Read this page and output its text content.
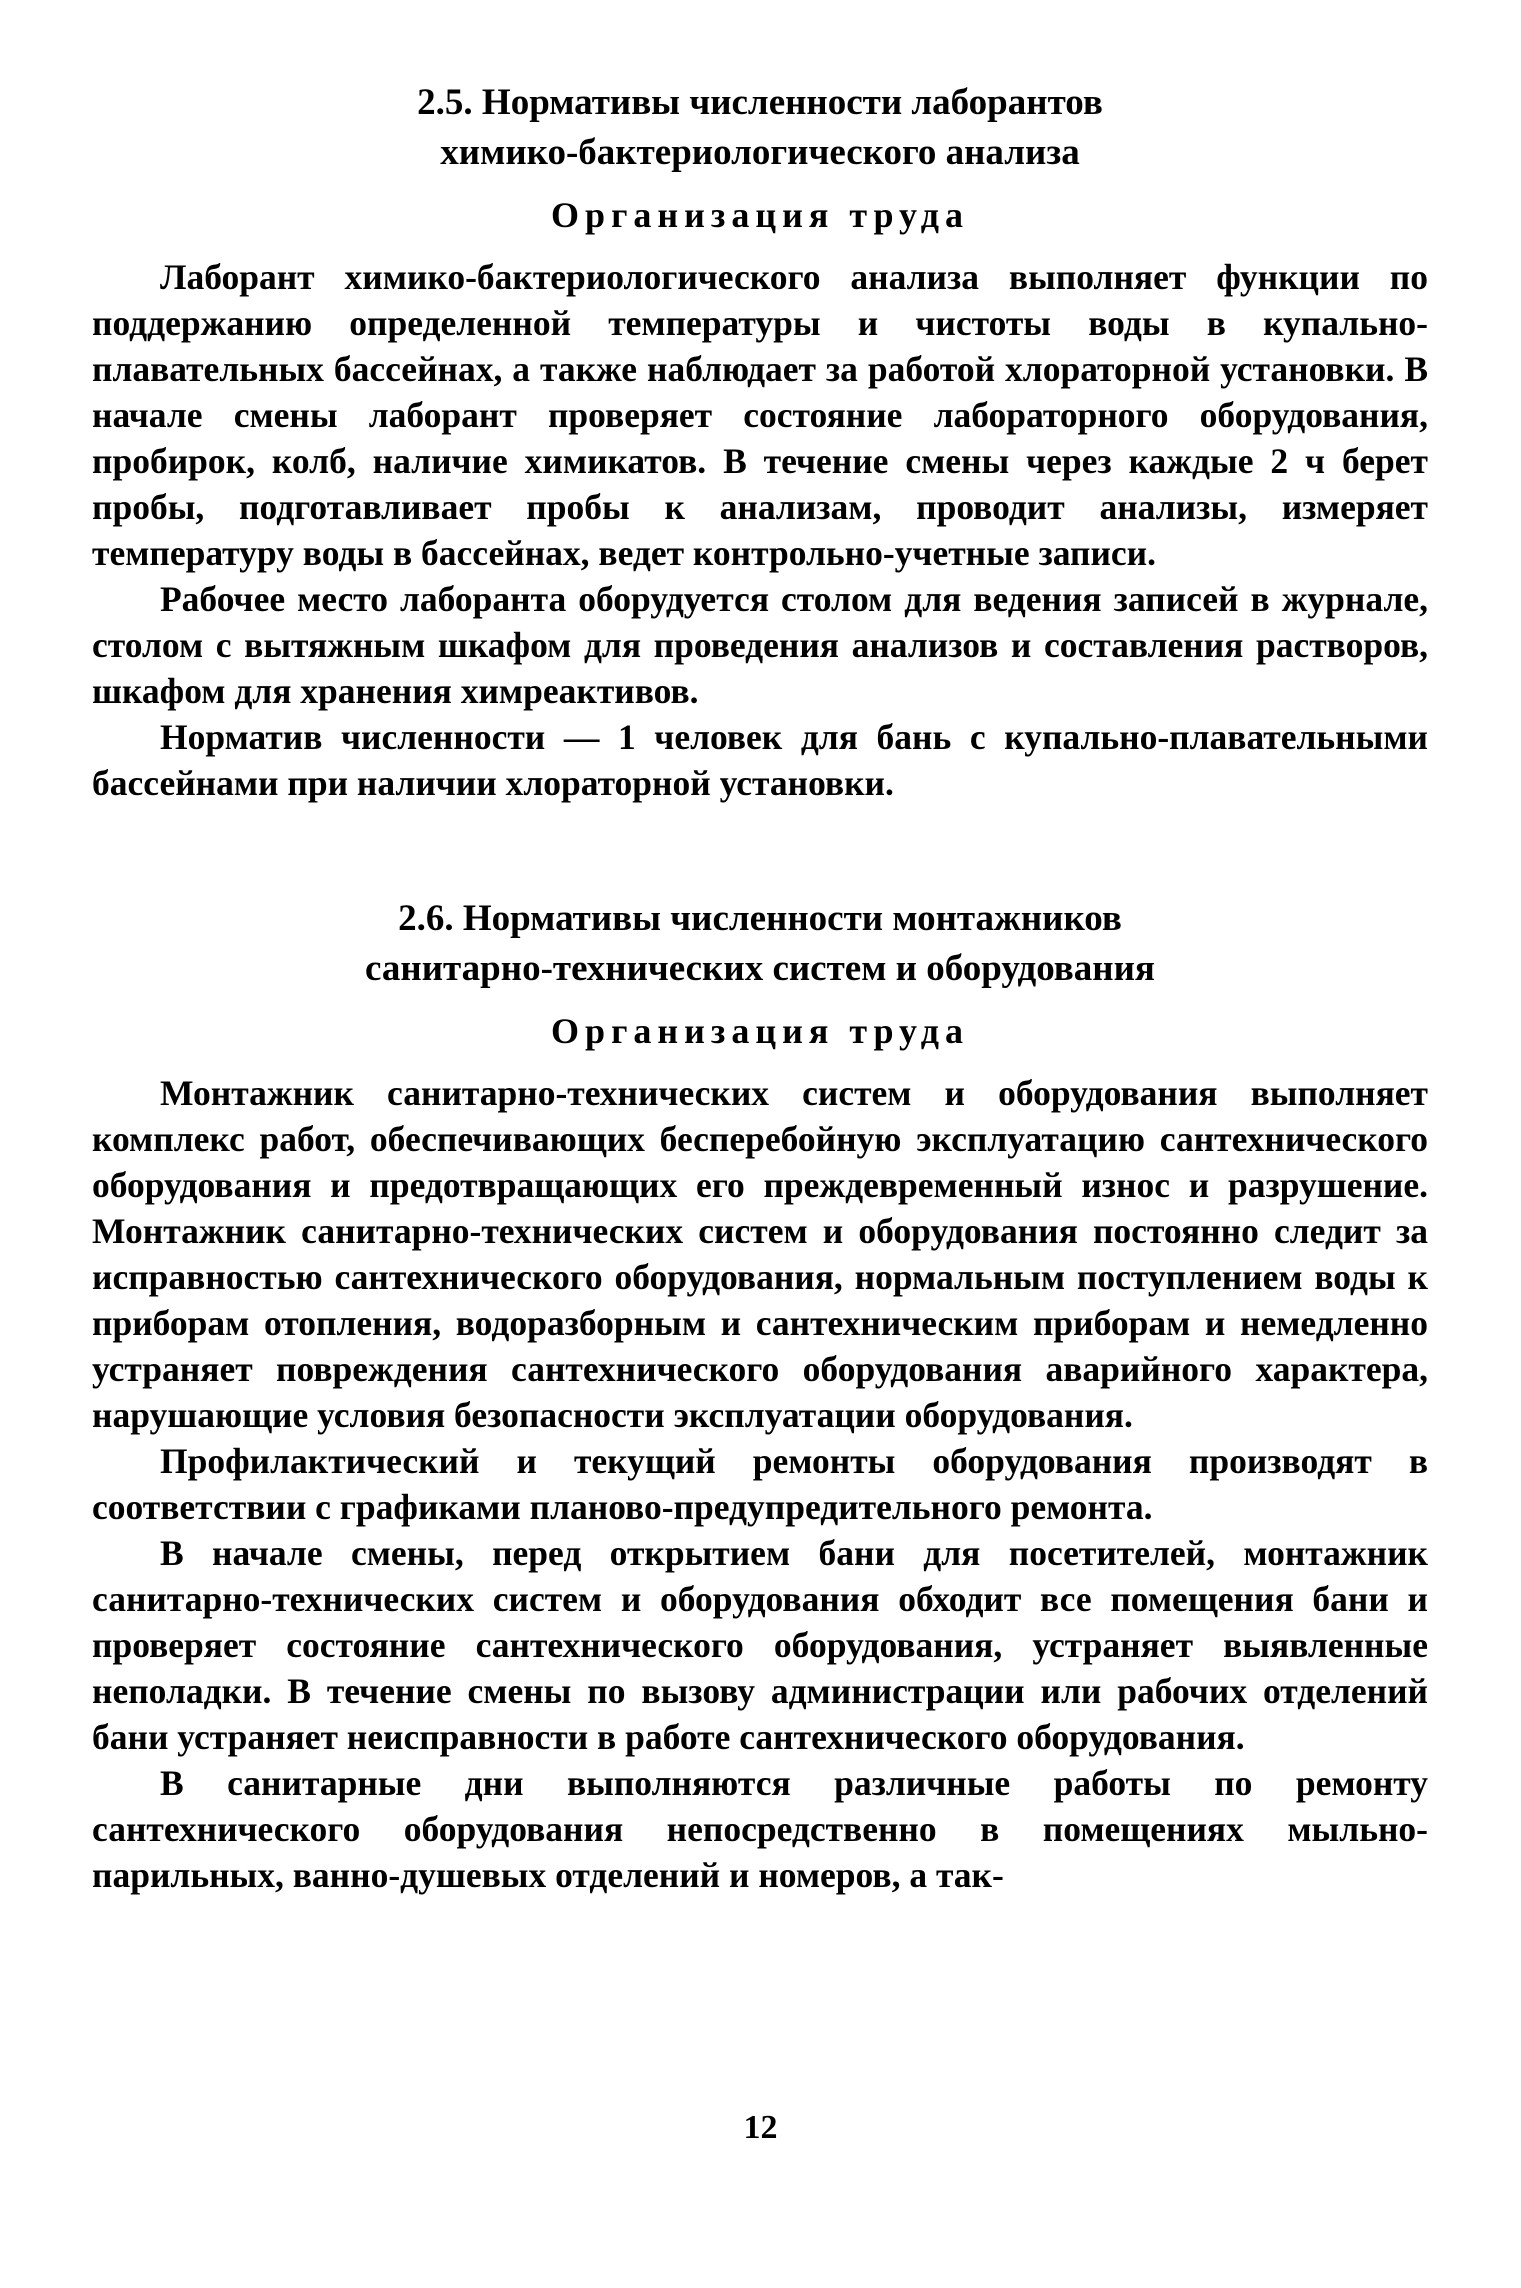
2.5. Нормативы численности лаборантов
химико-бактериологического анализа
Организация труда

Лаборант химико-бактериологического анализа выполняет функции по поддержанию определенной температуры и чистоты воды в купально-плавательных бассейнах, а также наблюдает за работой хлораторной установки. В начале смены лаборант проверяет состояние лабораторного оборудования, пробирок, колб, наличие химикатов. В течение смены через каждые 2 ч берет пробы, подготавливает пробы к анализам, проводит анализы, измеряет температуру воды в бассейнах, ведет контрольно-учетные записи.

Рабочее место лаборанта оборудуется столом для ведения записей в журнале, столом с вытяжным шкафом для проведения анализов и составления растворов, шкафом для хранения химреактивов.

Норматив численности — 1 человек для бань с купально-плавательными бассейнами при наличии хлораторной установки.

2.6. Нормативы численности монтажников
санитарно-технических систем и оборудования
Организация труда

Монтажник санитарно-технических систем и оборудования выполняет комплекс работ, обеспечивающих бесперебойную эксплуатацию сантехнического оборудования и предотвращающих его преждевременный износ и разрушение. Монтажник санитарно-технических систем и оборудования постоянно следит за исправностью сантехнического оборудования, нормальным поступлением воды к приборам отопления, водоразборным и сантехническим приборам и немедленно устраняет повреждения сантехнического оборудования аварийного характера, нарушающие условия безопасности эксплуатации оборудования.

Профилактический и текущий ремонты оборудования производят в соответствии с графиками планово-предупредительного ремонта.

В начале смены, перед открытием бани для посетителей, монтажник санитарно-технических систем и оборудования обходит все помещения бани и проверяет состояние сантехнического оборудования, устраняет выявленные неполадки. В течение смены по вызову администрации или рабочих отделений бани устраняет неисправности в работе сантехнического оборудования.

В санитарные дни выполняются различные работы по ремонту сантехнического оборудования непосредственно в помещениях мыльно-парильных, ванно-душевых отделений и номеров, а так-

12
